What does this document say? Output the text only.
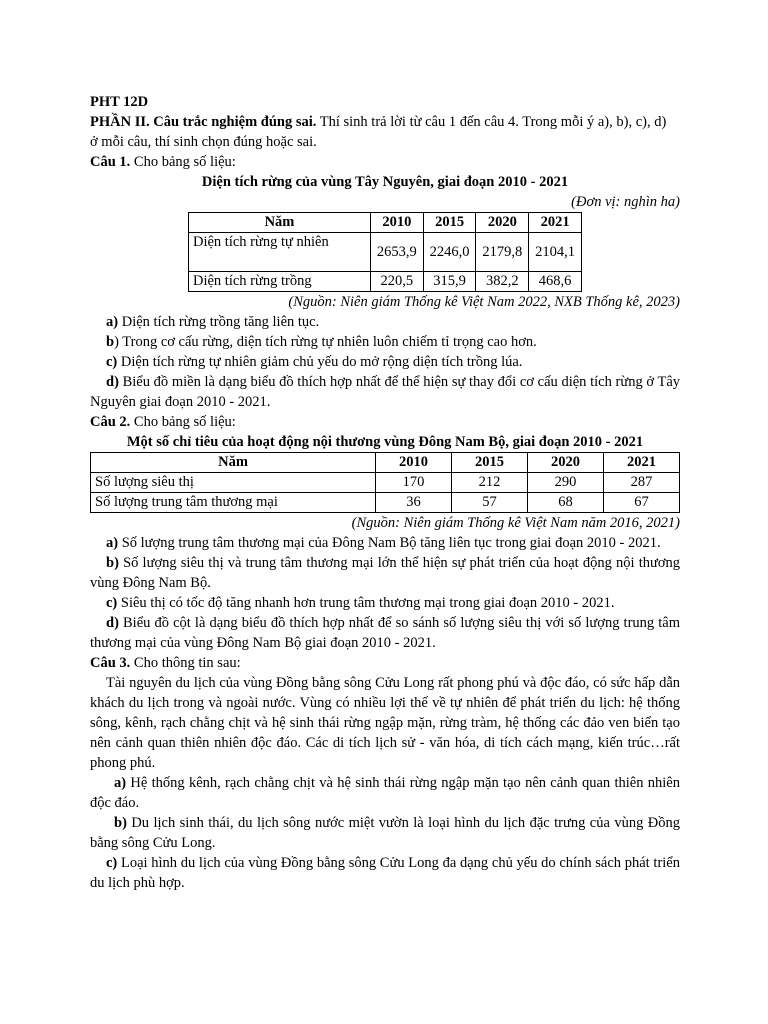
PHT 12D

PHẦN II. Câu trắc nghiệm đúng sai. Thí sinh trả lời từ câu 1 đến câu 4. Trong mỗi ý a), b), c), d)

ở mỗi câu, thí sinh chọn đúng hoặc sai.

Câu 1. Cho bảng số liệu:

Diện tích rừng của vùng Tây Nguyên, giai đoạn 2010 - 2021

(Đơn vị: nghìn ha)

Năm	2010	2015	2020	2021
Diện tích rừng tự nhiên	2653,9	2246,0	2179,8	2104,1
Diện tích rừng trồng	220,5	315,9	382,2	468,6

(Nguồn: Niên giám Thống kê Việt Nam 2022, NXB Thống kê, 2023)

a) Diện tích rừng trồng tăng liên tục.

b) Trong cơ cấu rừng, diện tích rừng tự nhiên luôn chiếm tỉ trọng cao hơn.

c) Diện tích rừng tự nhiên giảm chủ yếu do mở rộng diện tích trồng lúa.

d) Biểu đồ miền là dạng biểu đồ thích hợp nhất để thể hiện sự thay đổi cơ cấu diện tích rừng ở Tây Nguyên giai đoạn 2010 - 2021.

Câu 2. Cho bảng số liệu:

Một số chỉ tiêu của hoạt động nội thương vùng Đông Nam Bộ, giai đoạn 2010 - 2021

Năm	2010	2015	2020	2021
Số lượng siêu thị	170	212	290	287
Số lượng trung tâm thương mại	36	57	68	67

(Nguồn: Niên giám Thống kê Việt Nam năm 2016, 2021)

a) Số lượng trung tâm thương mại của Đông Nam Bộ tăng liên tục trong giai đoạn 2010 - 2021.

b) Số lượng siêu thị và trung tâm thương mại lớn thể hiện sự phát triển của hoạt động nội thương vùng Đông Nam Bộ.

c) Siêu thị có tốc độ tăng nhanh hơn trung tâm thương mại trong giai đoạn 2010 - 2021.

d) Biểu đồ cột là dạng biểu đồ thích hợp nhất để so sánh số lượng siêu thị với số lượng trung tâm thương mại của vùng Đông Nam Bộ giai đoạn 2010 - 2021.

Câu 3. Cho thông tin sau:

Tài nguyên du lịch của vùng Đồng bằng sông Cửu Long rất phong phú và độc đáo, có sức hấp dẫn khách du lịch trong và ngoài nước. Vùng có nhiều lợi thế về tự nhiên để phát triển du lịch: hệ thống sông, kênh, rạch chằng chịt và hệ sinh thái rừng ngập mặn, rừng tràm, hệ thống các đảo ven biển tạo nên cảnh quan thiên nhiên độc đáo. Các di tích lịch sử - văn hóa, di tích cách mạng, kiến trúc…rất phong phú.

a) Hệ thống kênh, rạch chằng chịt và hệ sinh thái rừng ngập mặn tạo nên cảnh quan thiên nhiên độc đáo.

b) Du lịch sinh thái, du lịch sông nước miệt vườn là loại hình du lịch đặc trưng của vùng Đồng bằng sông Cửu Long.

c) Loại hình du lịch của vùng Đồng bằng sông Cửu Long đa dạng chủ yếu do chính sách phát triển du lịch phù hợp.
